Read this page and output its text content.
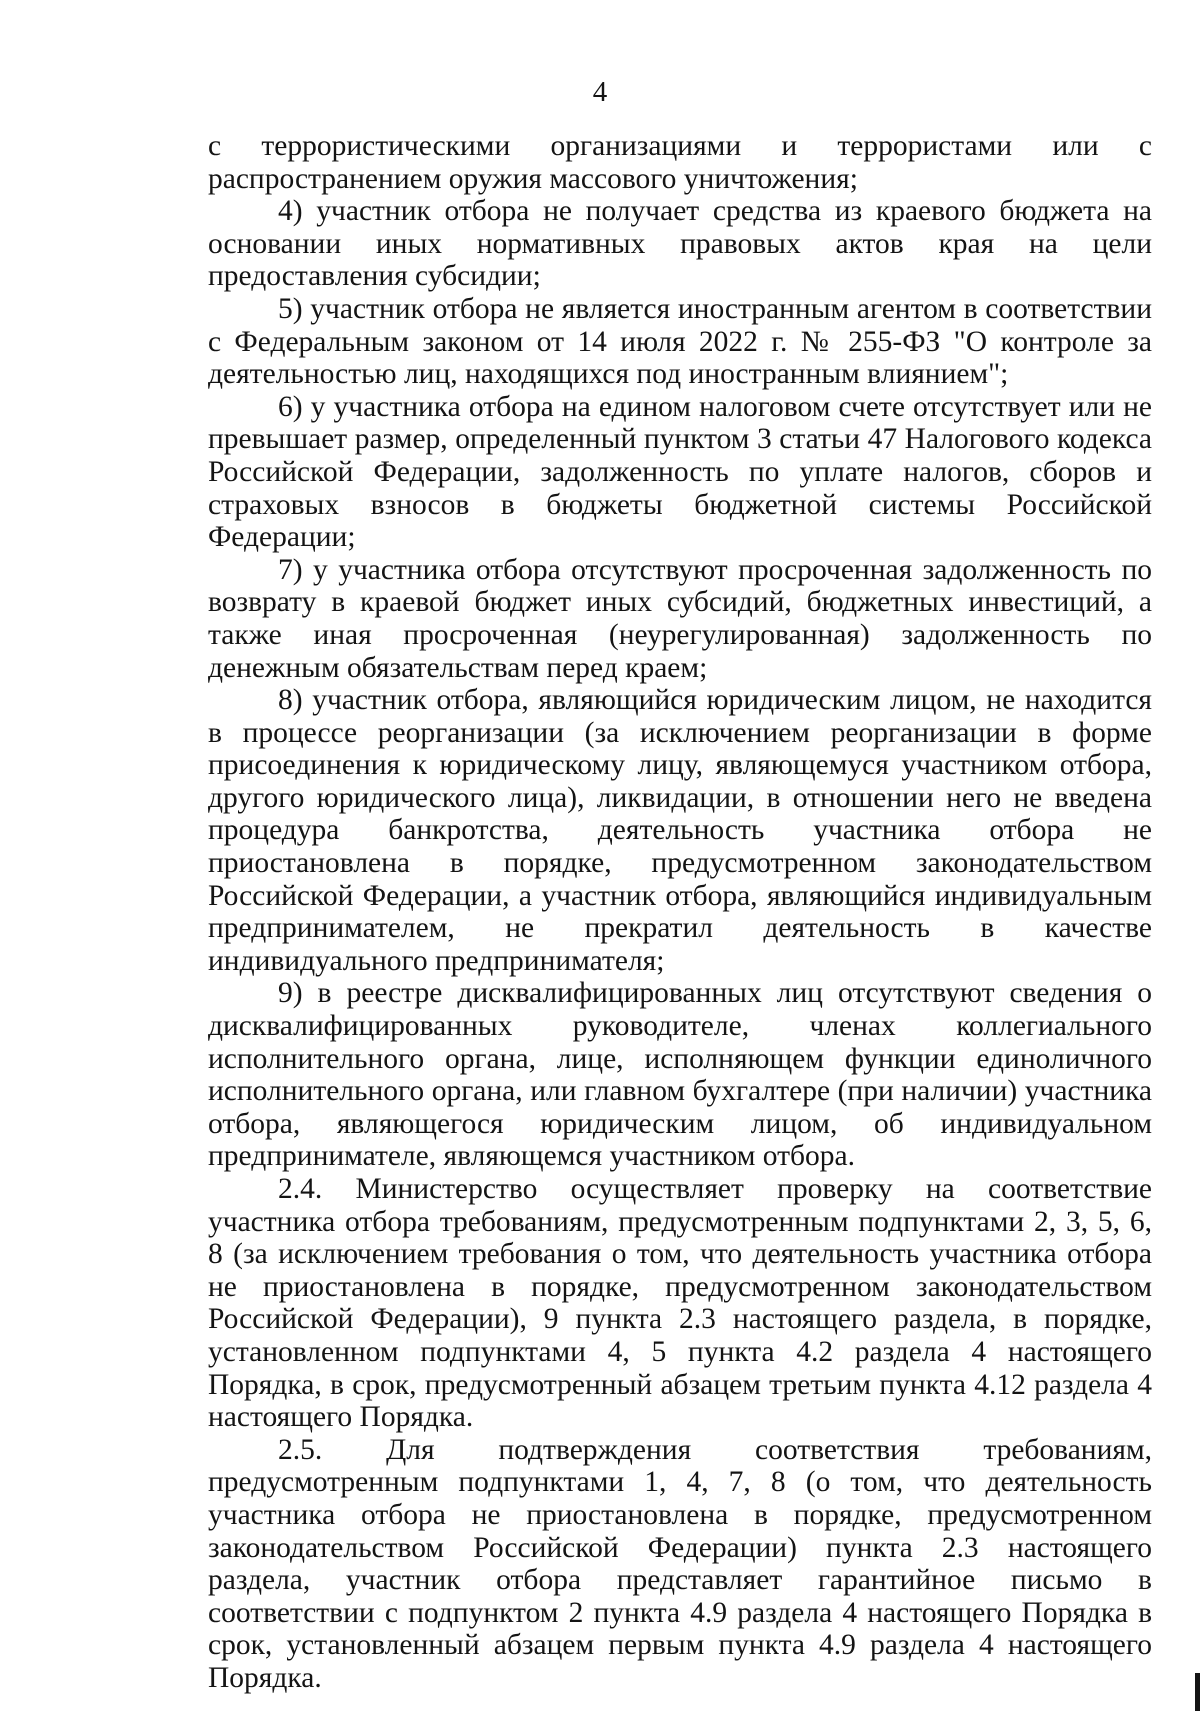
4

с террористическими организациями и террористами или с распространением оружия массового уничтожения;

4) участник отбора не получает средства из краевого бюджета на основании иных нормативных правовых актов края на цели предоставления субсидии;

5) участник отбора не является иностранным агентом в соответствии с Федеральным законом от 14 июля 2022 г. № 255-ФЗ "О контроле за деятельностью лиц, находящихся под иностранным влиянием";

6) у участника отбора на едином налоговом счете отсутствует или не превышает размер, определенный пунктом 3 статьи 47 Налогового кодекса Российской Федерации, задолженность по уплате налогов, сборов и страховых взносов в бюджеты бюджетной системы Российской Федерации;

7) у участника отбора отсутствуют просроченная задолженность по возврату в краевой бюджет иных субсидий, бюджетных инвестиций, а также иная просроченная (неурегулированная) задолженность по денежным обязательствам перед краем;

8) участник отбора, являющийся юридическим лицом, не находится в процессе реорганизации (за исключением реорганизации в форме присоединения к юридическому лицу, являющемуся участником отбора, другого юридического лица), ликвидации, в отношении него не введена процедура банкротства, деятельность участника отбора не приостановлена в порядке, предусмотренном законодательством Российской Федерации, а участник отбора, являющийся индивидуальным предпринимателем, не прекратил деятельность в качестве индивидуального предпринимателя;

9) в реестре дисквалифицированных лиц отсутствуют сведения о дисквалифицированных руководителе, членах коллегиального исполнительного органа, лице, исполняющем функции единоличного исполнительного органа, или главном бухгалтере (при наличии) участника отбора, являющегося юридическим лицом, об индивидуальном предпринимателе, являющемся участником отбора.

2.4. Министерство осуществляет проверку на соответствие участника отбора требованиям, предусмотренным подпунктами 2, 3, 5, 6, 8 (за исключением требования о том, что деятельность участника отбора не приостановлена в порядке, предусмотренном законодательством Российской Федерации), 9 пункта 2.3 настоящего раздела, в порядке, установленном подпунктами 4, 5 пункта 4.2 раздела 4 настоящего Порядка, в срок, предусмотренный абзацем третьим пункта 4.12 раздела 4 настоящего Порядка.

2.5. Для подтверждения соответствия требованиям, предусмотренным подпунктами 1, 4, 7, 8 (о том, что деятельность участника отбора не приостановлена в порядке, предусмотренном законодательством Российской Федерации) пункта 2.3 настоящего раздела, участник отбора представляет гарантийное письмо в соответствии с подпунктом 2 пункта 4.9 раздела 4 настоящего Порядка в срок, установленный абзацем первым пункта 4.9 раздела 4 настоящего Порядка.
